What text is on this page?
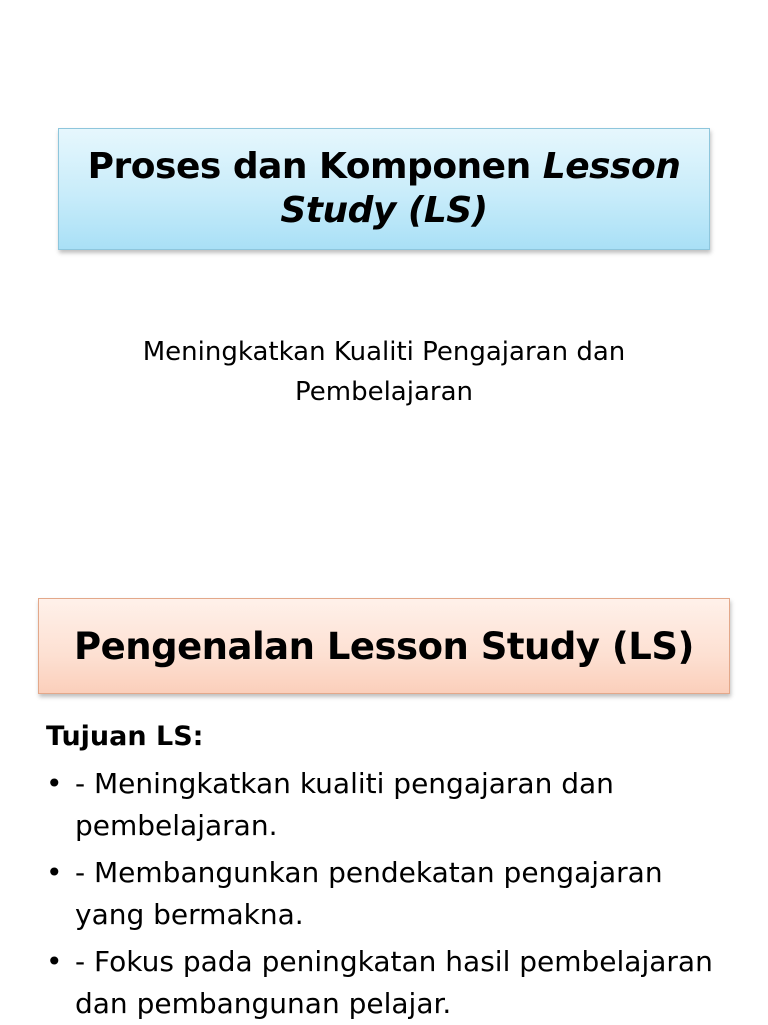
Proses dan Komponen Lesson
Study (LS)
Meningkatkan Kualiti Pengajaran dan
Pembelajaran
Pengenalan Lesson Study (LS)
Tujuan LS:
• - Meningkatkan kualiti pengajaran dan
pembelajaran.
• - Membangunkan pendekatan pengajaran
yang bermakna.
• - Fokus pada peningkatan hasil pembelajaran
dan pembangunan pelajar.
